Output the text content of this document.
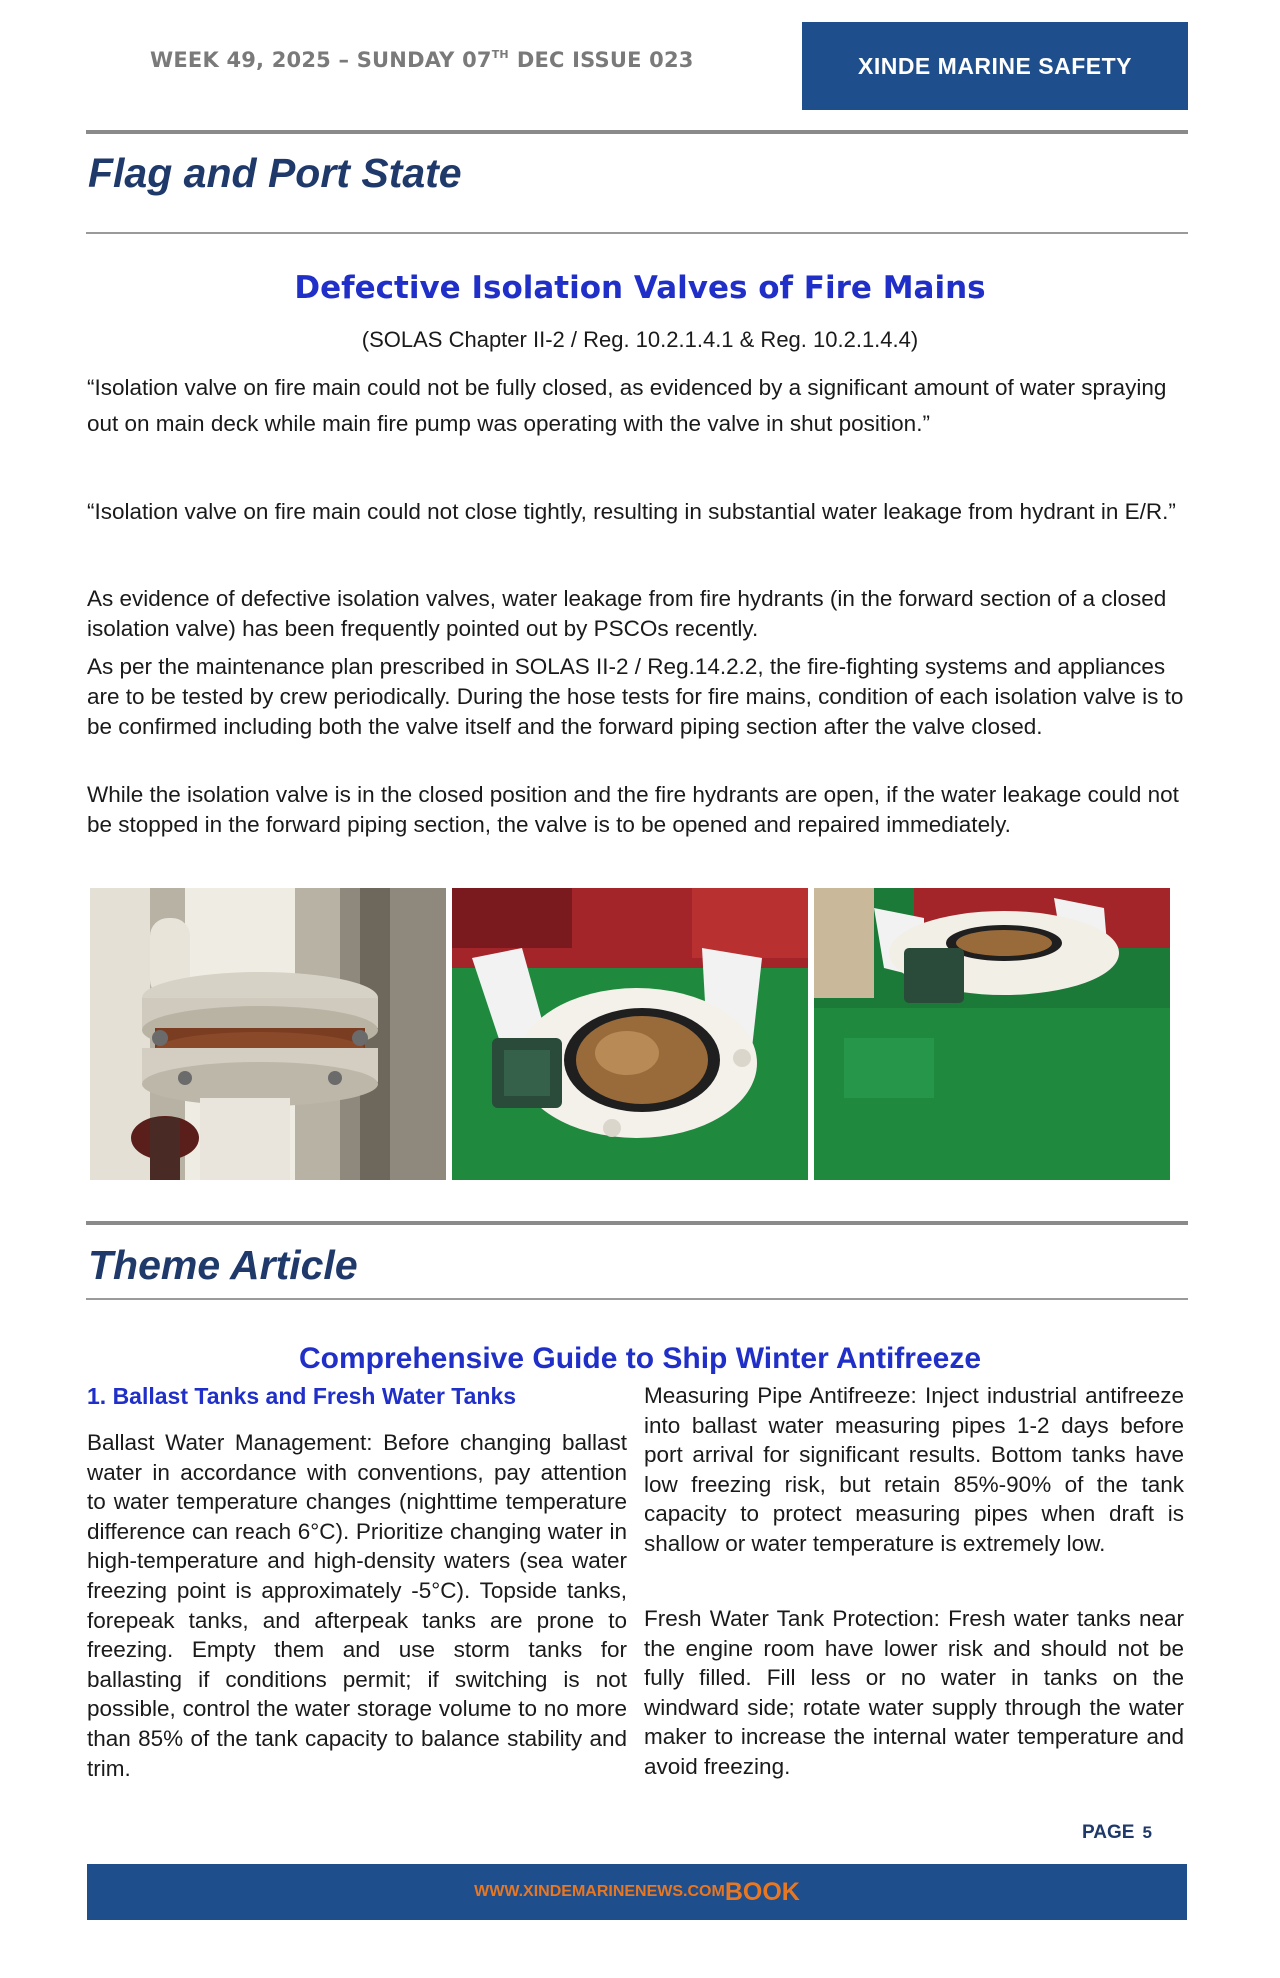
WEEK 49, 2025 – SUNDAY 07TH DEC ISSUE 023	XINDE MARINE SAFETY
Flag and Port State
Defective Isolation Valves of Fire Mains
(SOLAS Chapter II-2 / Reg. 10.2.1.4.1 & Reg. 10.2.1.4.4)
“Isolation valve on fire main could not be fully closed, as evidenced by a significant amount of water spraying out on main deck while main fire pump was operating with the valve in shut position.”
“Isolation valve on fire main could not close tightly, resulting in substantial water leakage from hydrant in E/R.”
As evidence of defective isolation valves, water leakage from fire hydrants (in the forward section of a closed isolation valve) has been frequently pointed out by PSCOs recently.
As per the maintenance plan prescribed in SOLAS II-2 / Reg.14.2.2, the fire-fighting systems and appliances are to be tested by crew periodically. During the hose tests for fire mains, condition of each isolation valve is to be confirmed including both the valve itself and the forward piping section after the valve closed.
While the isolation valve is in the closed position and the fire hydrants are open, if the water leakage could not be stopped in the forward piping section, the valve is to be opened and repaired immediately.
Theme Article
Comprehensive Guide to Ship Winter Antifreeze
1. Ballast Tanks and Fresh Water Tanks
Ballast Water Management: Before changing ballast water in accordance with conventions, pay attention to water temperature changes (nighttime temperature difference can reach 6°C). Prioritize changing water in high-temperature and high-density waters (sea water freezing point is approximately -5°C). Topside tanks, forepeak tanks, and afterpeak tanks are prone to freezing. Empty them and use storm tanks for ballasting if conditions permit; if switching is not possible, control the water storage volume to no more than 85% of the tank capacity to balance stability and trim.
Measuring Pipe Antifreeze: Inject industrial antifreeze into ballast water measuring pipes 1-2 days before port arrival for significant results. Bottom tanks have low freezing risk, but retain 85%-90% of the tank capacity to protect measuring pipes when draft is shallow or water temperature is extremely low.
Fresh Water Tank Protection: Fresh water tanks near the engine room have lower risk and should not be fully filled. Fill less or no water in tanks on the windward side; rotate water supply through the water maker to increase the internal water temperature and avoid freezing.
PAGE 5
WWW.XINDEMARINENEWS.COM BOOK
